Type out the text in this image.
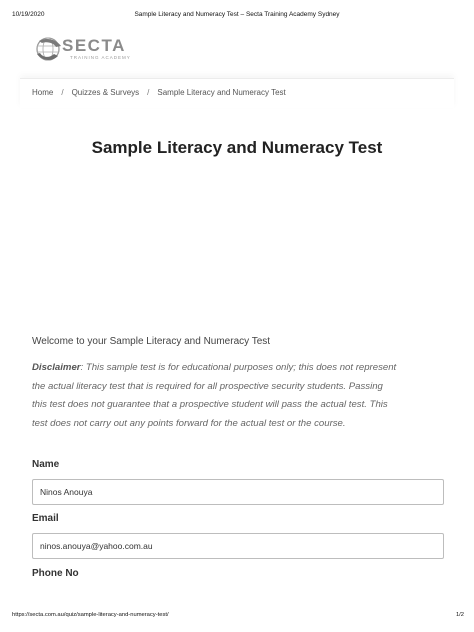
10/19/2020	Sample Literacy and Numeracy Test – Secta Training Academy Sydney
SECTA
TRAINING ACADEMY
Home / Quizzes & Surveys / Sample Literacy and Numeracy Test
Sample Literacy and Numeracy Test

Welcome to your Sample Literacy and Numeracy Test

Disclaimer: This sample test is for educational purposes only; this does not represent
the actual literacy test that is required for all prospective security students. Passing
this test does not guarantee that a prospective student will pass the actual test. This
test does not carry out any points forward for the actual test or the course.
Name
Ninos Anouya
Email
ninos.anouya@yahoo.com.au
Phone No
https://secta.com.au/quiz/sample-literacy-and-numeracy-test/	1/2
